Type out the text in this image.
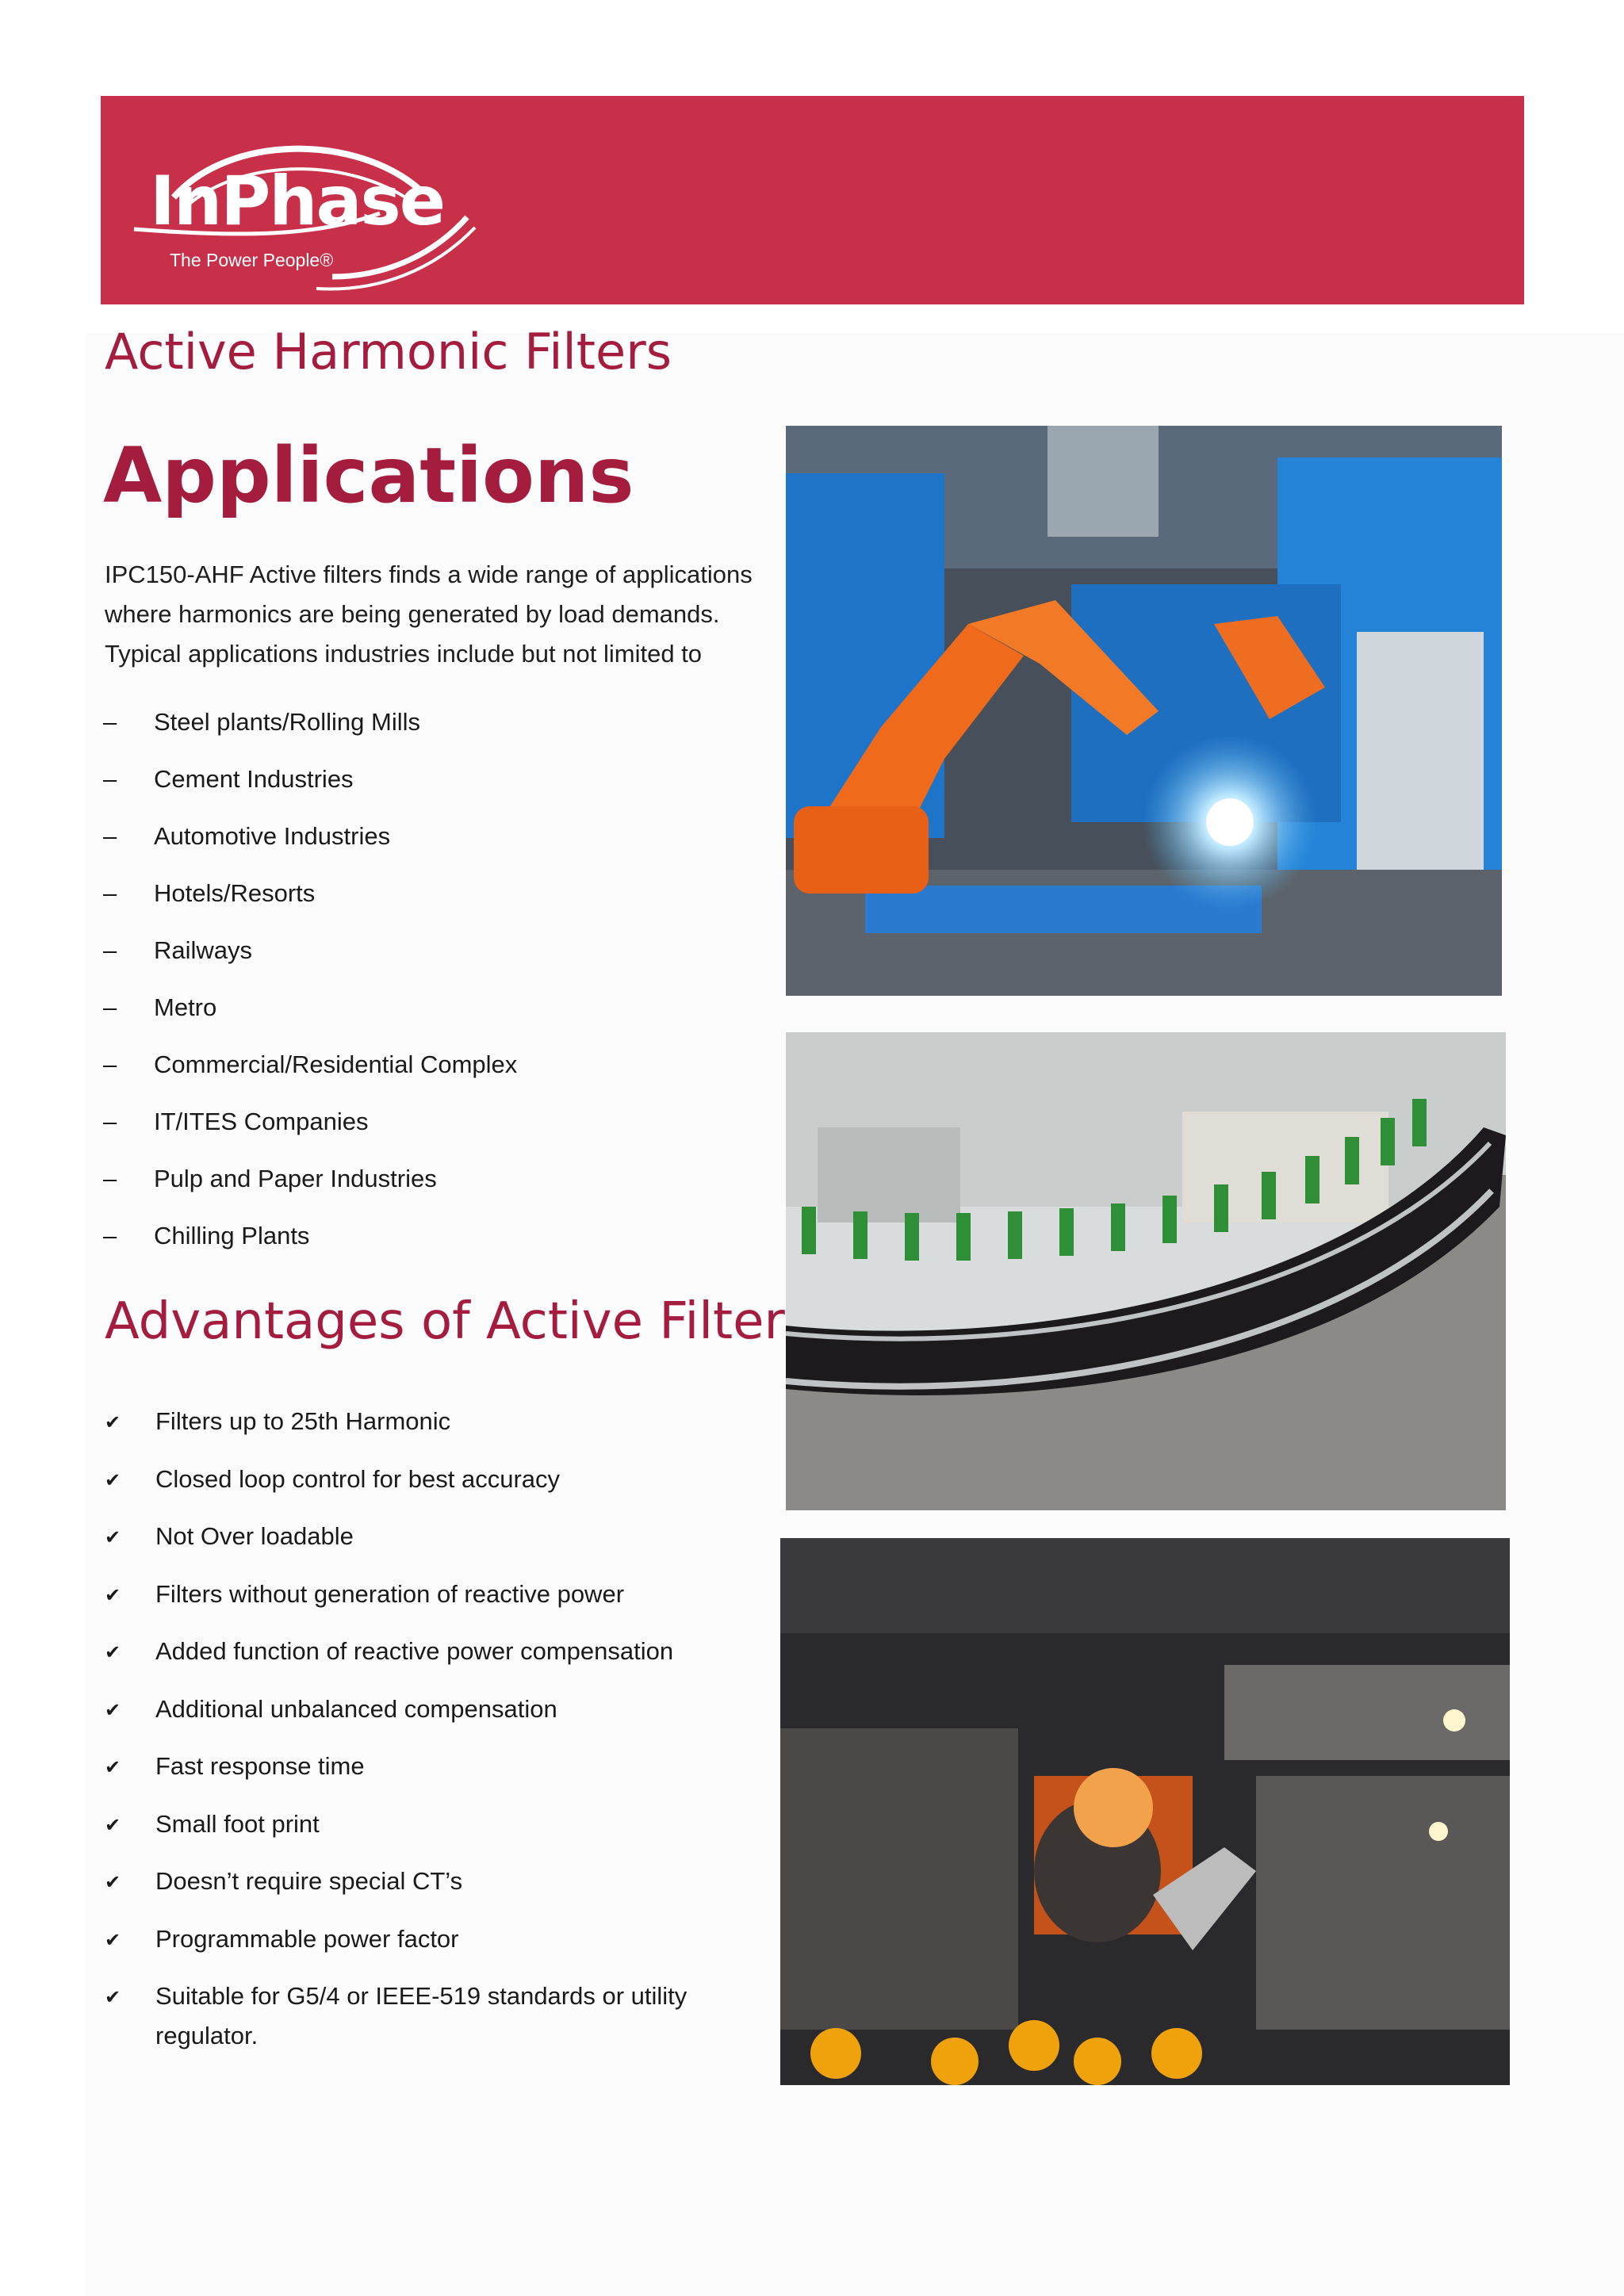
InPhase
The Power People®
Active Harmonic Filters
Applications
IPC150-AHF Active filters finds a wide range of applications where harmonics are being generated by load demands. Typical applications industries include but not limited to
–	Steel plants/Rolling Mills
–	Cement Industries
–	Automotive Industries
–	Hotels/Resorts
–	Railways
–	Metro
–	Commercial/Residential Complex
–	IT/ITES Companies
–	Pulp and Paper Industries
–	Chilling Plants
Advantages of Active Filter
✔	Filters up to 25th Harmonic
✔	Closed loop control for best accuracy
✔	Not Over loadable
✔	Filters without generation of reactive power
✔	Added function of reactive power compensation
✔	Additional unbalanced compensation
✔	Fast response time
✔	Small foot print
✔	Doesn’t require special CT’s
✔	Programmable power factor
✔	Suitable for G5/4 or IEEE-519 standards or utility regulator.
